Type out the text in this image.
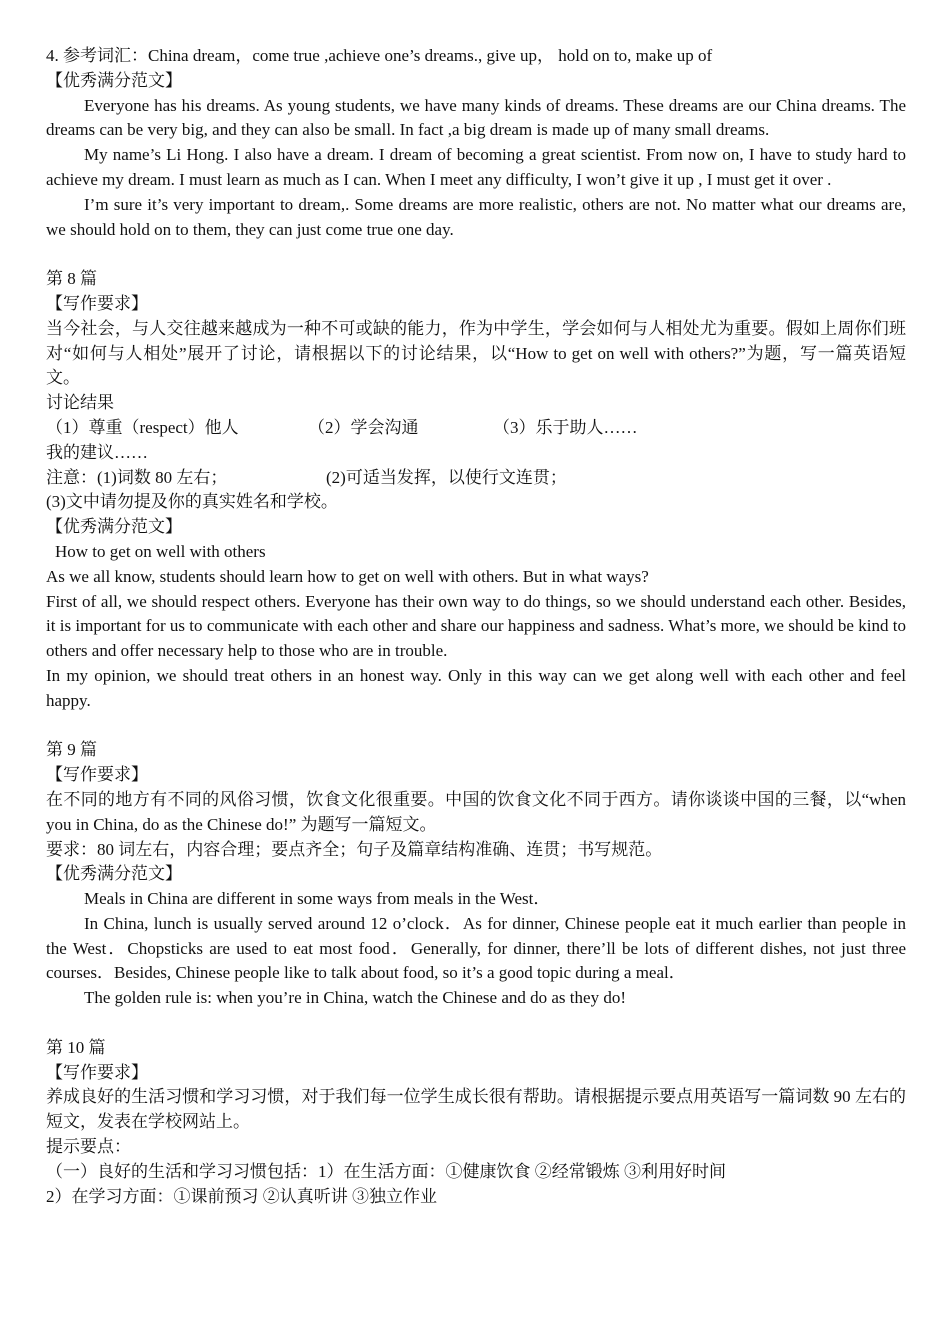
4. 参考词汇：China dream，come true ,achieve one’s dreams., give up， hold on to, make up of
【优秀满分范文】
Everyone has his dreams. As young students, we have many kinds of dreams. These dreams are our China dreams. The dreams can be very big, and they can also be small. In fact ,a big dream is made up of many small dreams.
My name’s Li Hong. I also have a dream. I dream of becoming a great scientist. From now on, I have to study hard to achieve my dream. I must learn as much as I can. When I meet any difficulty, I won’t give it up , I must get it over .
I’m sure it’s very important to dream,. Some dreams are more realistic, others are not. No matter what our dreams are, we should hold on to them, they can just come true one day.
第 8 篇
【写作要求】
当今社会，与人交往越来越成为一种不可或缺的能力，作为中学生，学会如何与人相处尤为重要。假如上周你们班对“如何与人相处”展开了讨论，请根据以下的讨论结果，以“How to get on well with others?”为题，写一篇英语短文。
讨论结果
（1）尊重（respect）他人	（2）学会沟通	（3）乐于助人……
我的建议……
注意：(1)词数 80 左右；	(2)可适当发挥，以使行文连贯；
(3)文中请勿提及你的真实姓名和学校。
【优秀满分范文】
How to get on well with others
As we all know, students should learn how to get on well with others. But in what ways?
First of all, we should respect others. Everyone has their own way to do things, so we should understand each other. Besides, it is important for us to communicate with each other and share our happiness and sadness. What’s more, we should be kind to others and offer necessary help to those who are in trouble.
In my opinion, we should treat others in an honest way. Only in this way can we get along well with each other and feel happy.
第 9 篇
【写作要求】
在不同的地方有不同的风俗习惯，饮食文化很重要。中国的饮食文化不同于西方。请你谈谈中国的三餐，以“when you in China, do as the Chinese do!” 为题写一篇短文。
要求：80 词左右，内容合理；要点齐全；句子及篇章结构准确、连贯；书写规范。
【优秀满分范文】
Meals in China are different in some ways from meals in the West．
In China, lunch is usually served around 12 o’clock．As for dinner, Chinese people eat it much earlier than people in the West．Chopsticks are used to eat most food．Generally, for dinner, there’ll be lots of different dishes, not just three courses．Besides, Chinese people like to talk about food, so it’s a good topic during a meal．
The golden rule is: when you’re in China, watch the Chinese and do as they do!
第 10 篇
【写作要求】
养成良好的生活习惯和学习习惯，对于我们每一位学生成长很有帮助。请根据提示要点用英语写一篇词数 90 左右的短文，发表在学校网站上。
提示要点：
（一）良好的生活和学习习惯包括：1）在生活方面：①健康饮食 ②经常锻炼 ③利用好时间
2）在学习方面：①课前预习 ②认真听讲 ③独立作业
